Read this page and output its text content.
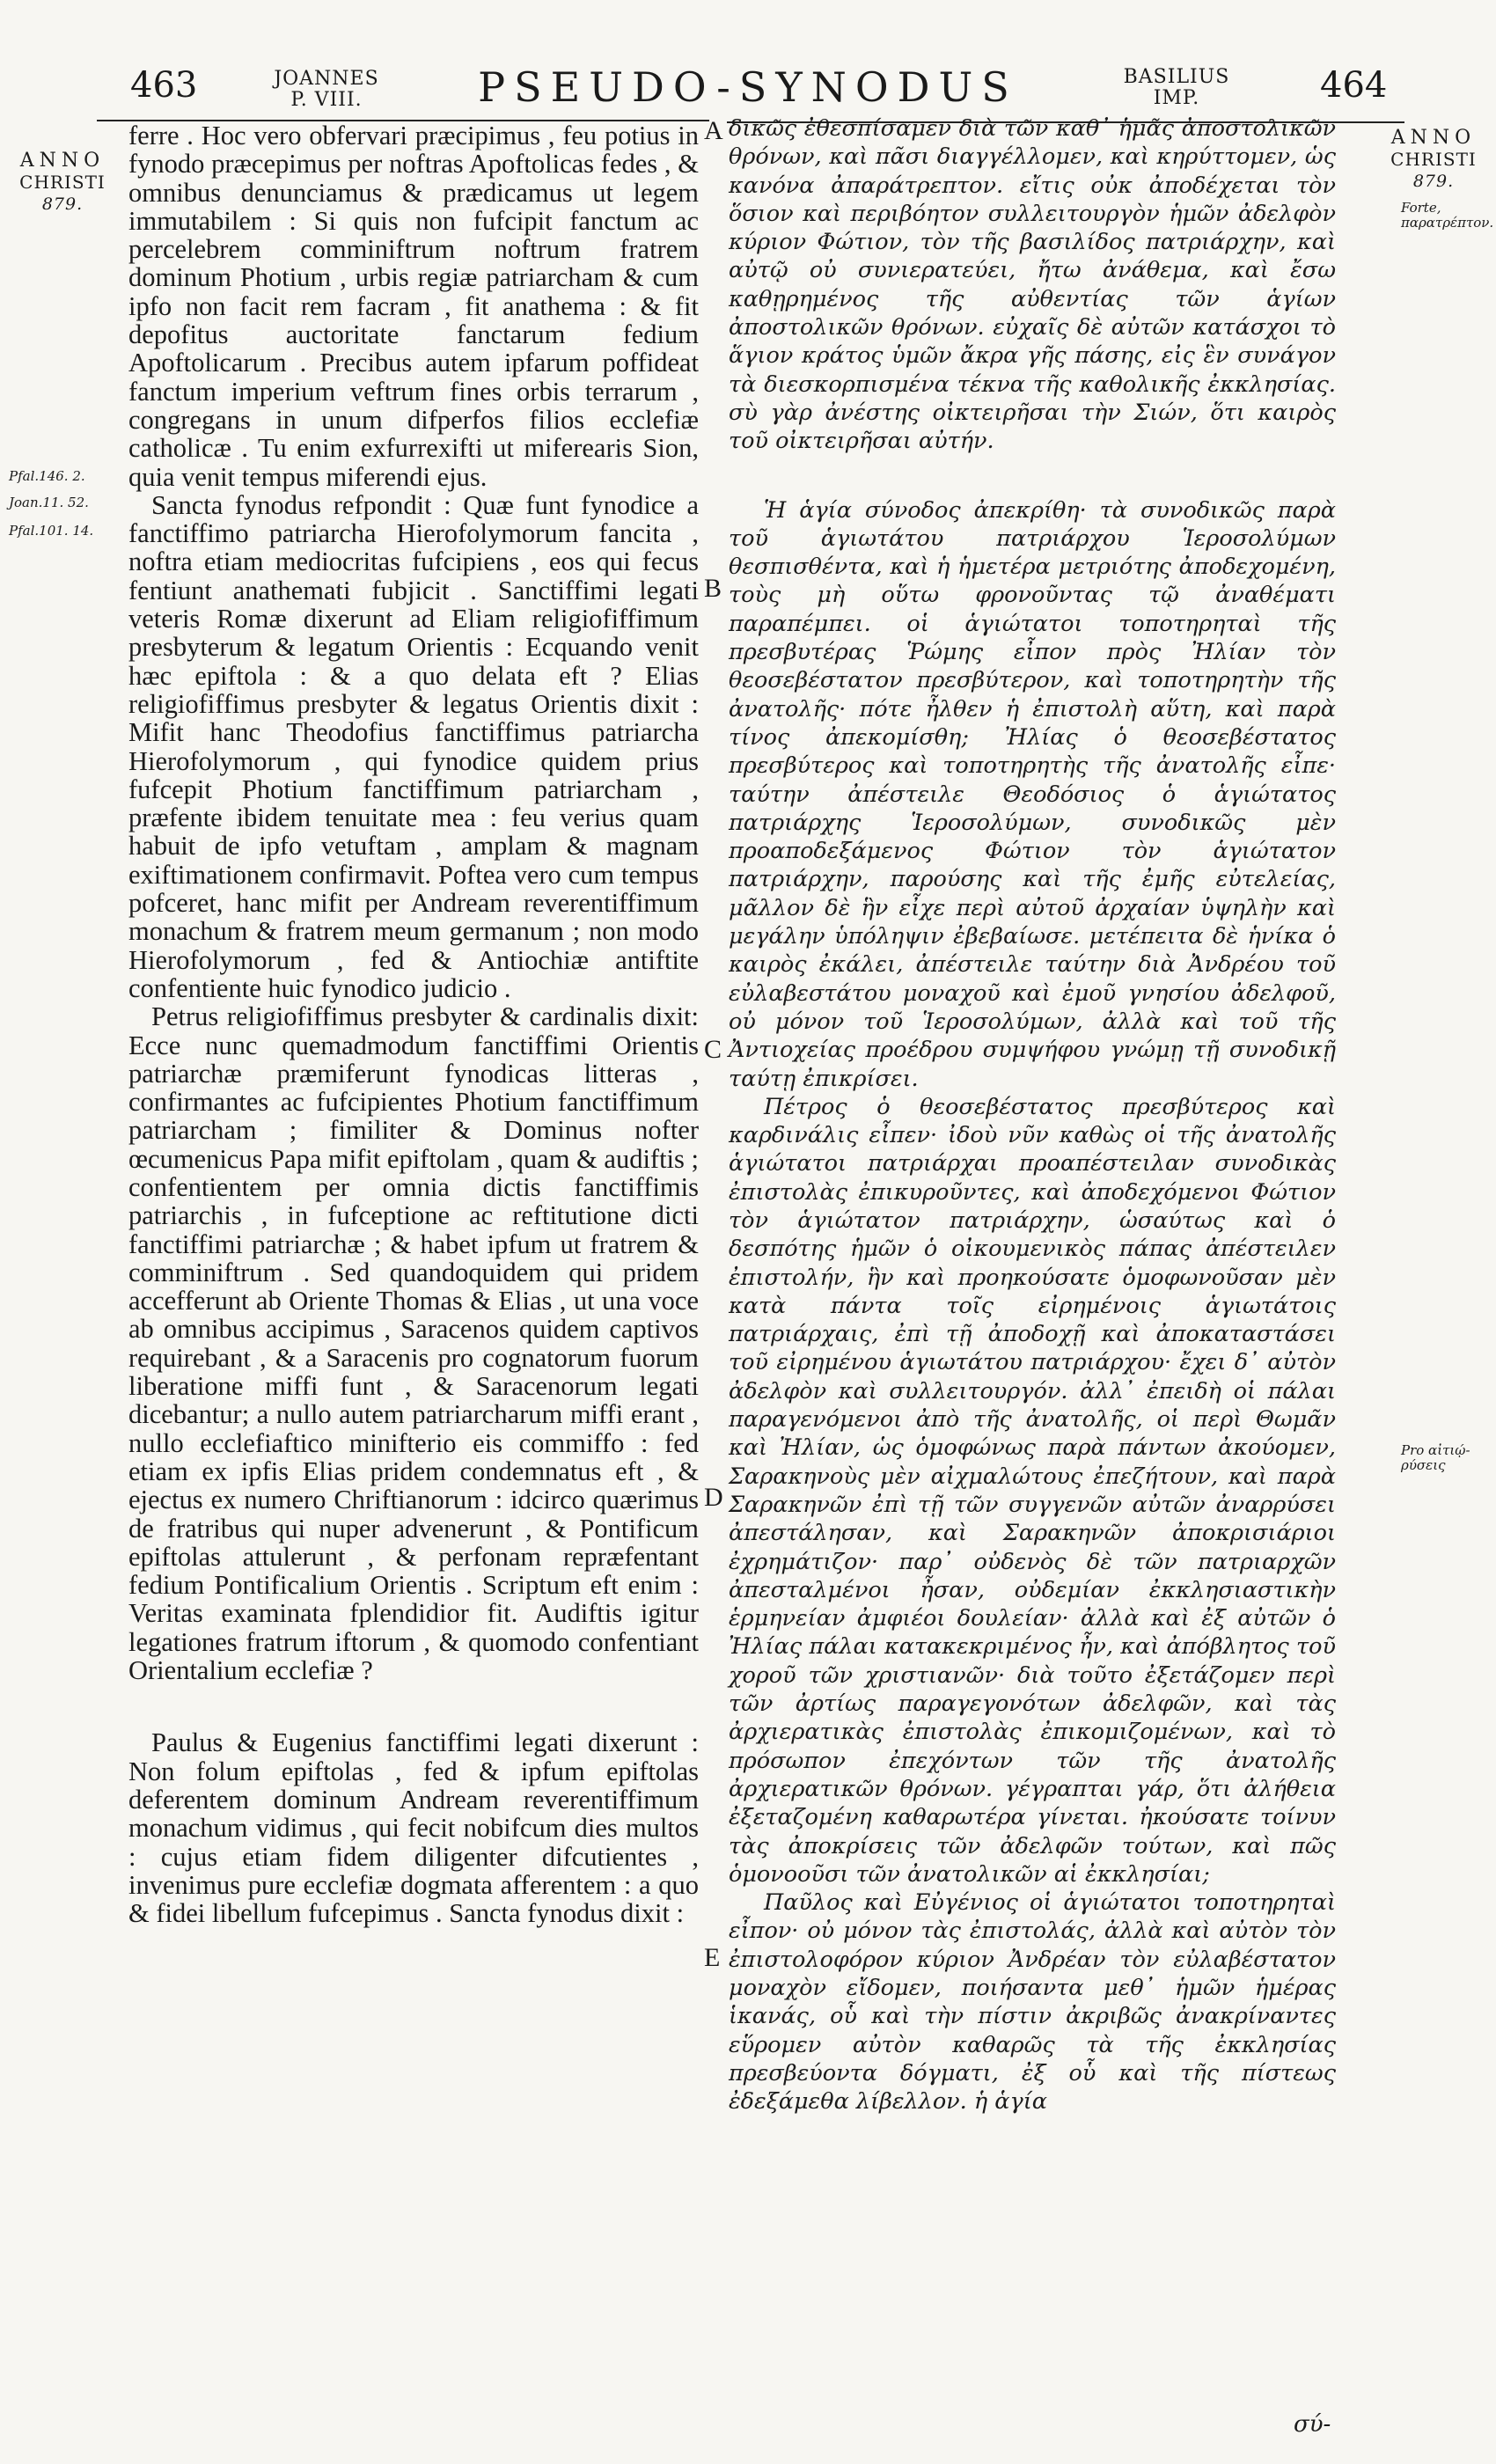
463	JOANNES
P. VIII.	PSEUDO-SYNODUS	BASILIUS
IMP.	464
ANNO
CHRISTI
879.
Pfal.146. 2.
Joan.11. 52.
Pfal.101. 14.
ANNO
CHRISTI
879.
Forte, παρατρέπτον.
Pro αἰτιῴ- ρύσεις
A
B
C
D
E

ferre . Hoc vero obfervari præcipimus , feu potius in fynodo præcepimus per noftras Apoftolicas fedes , & omnibus denunciamus & prædicamus ut legem immutabilem : Si quis non fufcipit fanctum ac percelebrem comminiftrum noftrum fratrem dominum Photium , urbis regiæ patriarcham & cum ipfo non facit rem facram , fit anathema : & fit depofitus auctoritate fanctarum fedium Apoftolicarum . Precibus autem ipfarum poffideat fanctum imperium veftrum fines orbis terrarum , congregans in unum difperfos filios ecclefiæ catholicæ . Tu enim exfurrexifti ut miferearis Sion, quia venit tempus miferendi ejus.

Sancta fynodus refpondit : Quæ funt fynodice a fanctiffimo patriarcha Hierofolymorum fancita , noftra etiam mediocritas fufcipiens , eos qui fecus fentiunt anathemati fubjicit . Sanctiffimi legati veteris Romæ dixerunt ad Eliam religiofiffimum presbyterum & legatum Orientis : Ecquando venit hæc epiftola : & a quo delata eft ? Elias religiofiffimus presbyter & legatus Orientis dixit : Mifit hanc Theodofius fanctiffimus patriarcha Hierofolymorum , qui fynodice quidem prius fufcepit Photium fanctiffimum patriarcham , præfente ibidem tenuitate mea : feu verius quam habuit de ipfo vetuftam , amplam & magnam exiftimationem confirmavit. Poftea vero cum tempus pofceret, hanc mifit per Andream reverentiffimum monachum & fratrem meum germanum ; non modo Hierofolymorum , fed & Antiochiæ antiftite confentiente huic fynodico judicio .

Petrus religiofiffimus presbyter & cardinalis dixit: Ecce nunc quemadmodum fanctiffimi Orientis patriarchæ præmiferunt fynodicas litteras , confirmantes ac fufcipientes Photium fanctiffimum patriarcham ; fimiliter & Dominus nofter œcumenicus Papa mifit epiftolam , quam & audiftis ; confentientem per omnia dictis fanctiffimis patriarchis , in fufceptione ac reftitutione dicti fanctiffimi patriarchæ ; & habet ipfum ut fratrem & comminiftrum . Sed quandoquidem qui pridem accefferunt ab Oriente Thomas & Elias , ut una voce ab omnibus accipimus , Saracenos quidem captivos requirebant , & a Saracenis pro cognatorum fuorum liberatione miffi funt , & Saracenorum legati dicebantur; a nullo autem patriarcharum miffi erant , nullo ecclefiaftico minifterio eis commiffo : fed etiam ex ipfis Elias pridem condemnatus eft , & ejectus ex numero Chriftianorum : idcirco quærimus de fratribus qui nuper advenerunt , & Pontificum epiftolas attulerunt , & perfonam repræfentant fedium Pontificalium Orientis . Scriptum eft enim : Veritas examinata fplendidior fit. Audiftis igitur legationes fratrum iftorum , & quomodo confentiant Orientalium ecclefiæ ?

Paulus & Eugenius fanctiffimi legati dixerunt : Non folum epiftolas , fed & ipfum epiftolas deferentem dominum Andream reverentiffimum monachum vidimus , qui fecit nobifcum dies multos : cujus etiam fidem diligenter difcutientes , invenimus pure ecclefiæ dogmata afferentem : a quo & fidei libellum fufcepimus . Sancta fynodus dixit :

δικῶς ἐθεσπίσαμεν διὰ τῶν καθ᾿ ἡμᾶς ἀποστολικῶν θρόνων, καὶ πᾶσι διαγγέλλομεν, καὶ κηρύττομεν, ὡς κανόνα ἀπαράτρεπτον. εἴτις οὐκ ἀποδέχεται τὸν ὅσιον καὶ περιβόητον συλλειτουργὸν ἡμῶν ἀδελφὸν κύριον Φώτιον, τὸν τῆς βασιλίδος πατριάρχην, καὶ αὐτῷ οὐ συνιερατεύει, ἤτω ἀνάθεμα, καὶ ἔσω καθῃρημένος τῆς αὐθεντίας τῶν ἁγίων ἀποστολικῶν θρόνων. εὐχαῖς δὲ αὐτῶν κατάσχοι τὸ ἅγιον κράτος ὑμῶν ἄκρα γῆς πάσης, εἰς ἓν συνάγον τὰ διεσκορπισμένα τέκνα τῆς καθολικῆς ἐκκλησίας. σὺ γὰρ ἀνέστης οἰκτειρῆσαι τὴν Σιών, ὅτι καιρὸς τοῦ οἰκτειρῆσαι αὐτήν.

Ἡ ἁγία σύνοδος ἀπεκρίθη· τὰ συνοδικῶς παρὰ τοῦ ἁγιωτάτου πατριάρχου Ἱεροσολύμων θεσπισθέντα, καὶ ἡ ἡμετέρα μετριότης ἀποδεχομένη, τοὺς μὴ οὕτω φρονοῦντας τῷ ἀναθέματι παραπέμπει. οἱ ἁγιώτατοι τοποτηρηταὶ τῆς πρεσβυτέρας Ῥώμης εἶπον πρὸς Ἠλίαν τὸν θεοσεβέστατον πρεσβύτερον, καὶ τοποτηρητὴν τῆς ἀνατολῆς· πότε ἦλθεν ἡ ἐπιστολὴ αὕτη, καὶ παρὰ τίνος ἀπεκομίσθη; Ἠλίας ὁ θεοσεβέστατος πρεσβύτερος καὶ τοποτηρητὴς τῆς ἀνατολῆς εἶπε· ταύτην ἀπέστειλε Θεοδόσιος ὁ ἁγιώτατος πατριάρχης Ἱεροσολύμων, συνοδικῶς μὲν προαποδεξάμενος Φώτιον τὸν ἁγιώτατον πατριάρχην, παρούσης καὶ τῆς ἐμῆς εὐτελείας, μᾶλλον δὲ ἣν εἶχε περὶ αὐτοῦ ἀρχαίαν ὑψηλὴν καὶ μεγάλην ὑπόληψιν ἐβεβαίωσε. μετέπειτα δὲ ἡνίκα ὁ καιρὸς ἐκάλει, ἀπέστειλε ταύτην διὰ Ἀνδρέου τοῦ εὐλαβεστάτου μοναχοῦ καὶ ἐμοῦ γνησίου ἀδελφοῦ, οὐ μόνον τοῦ Ἱεροσολύμων, ἀλλὰ καὶ τοῦ τῆς Ἀντιοχείας προέδρου συμψήφου γνώμῃ τῇ συνοδικῇ ταύτῃ ἐπικρίσει.

Πέτρος ὁ θεοσεβέστατος πρεσβύτερος καὶ καρδινάλις εἶπεν· ἰδοὺ νῦν καθὼς οἱ τῆς ἀνατολῆς ἁγιώτατοι πατριάρχαι προαπέστειλαν συνοδικὰς ἐπιστολὰς ἐπικυροῦντες, καὶ ἀποδεχόμενοι Φώτιον τὸν ἁγιώτατον πατριάρχην, ὡσαύτως καὶ ὁ δεσπότης ἡμῶν ὁ οἰκουμενικὸς πάπας ἀπέστειλεν ἐπιστολήν, ἣν καὶ προηκούσατε ὁμοφωνοῦσαν μὲν κατὰ πάντα τοῖς εἰρημένοις ἁγιωτάτοις πατριάρχαις, ἐπὶ τῇ ἀποδοχῇ καὶ ἀποκαταστάσει τοῦ εἰρημένου ἁγιωτάτου πατριάρχου· ἔχει δ᾿ αὐτὸν ἀδελφὸν καὶ συλλειτουργόν. ἀλλ᾿ ἐπειδὴ οἱ πάλαι παραγενόμενοι ἀπὸ τῆς ἀνατολῆς, οἱ περὶ Θωμᾶν καὶ Ἠλίαν, ὡς ὁμοφώνως παρὰ πάντων ἀκούομεν, Σαρακηνοὺς μὲν αἰχμαλώτους ἐπεζήτουν, καὶ παρὰ Σαρακηνῶν ἐπὶ τῇ τῶν συγγενῶν αὐτῶν ἀναρρύσει ἀπεστάλησαν, καὶ Σαρακηνῶν ἀποκρισιάριοι ἐχρημάτιζον· παρ᾿ οὐδενὸς δὲ τῶν πατριαρχῶν ἀπεσταλμένοι ἦσαν, οὐδεμίαν ἐκκλησιαστικὴν ἑρμηνείαν ἀμφιέοι δουλείαν· ἀλλὰ καὶ ἐξ αὐτῶν ὁ Ἠλίας πάλαι κατακεκριμένος ἦν, καὶ ἀπόβλητος τοῦ χοροῦ τῶν χριστιανῶν· διὰ τοῦτο ἐξετάζομεν περὶ τῶν ἀρτίως παραγεγονότων ἀδελφῶν, καὶ τὰς ἀρχιερατικὰς ἐπιστολὰς ἐπικομιζομένων, καὶ τὸ πρόσωπον ἐπεχόντων τῶν τῆς ἀνατολῆς ἀρχιερατικῶν θρόνων. γέγραπται γάρ, ὅτι ἀλήθεια ἐξεταζομένη καθαρωτέρα γίνεται. ἠκούσατε τοίνυν τὰς ἀποκρίσεις τῶν ἀδελφῶν τούτων, καὶ πῶς ὁμονοοῦσι τῶν ἀνατολικῶν αἱ ἐκκλησίαι;

Παῦλος καὶ Εὐγένιος οἱ ἁγιώτατοι τοποτηρηταὶ εἶπον· οὐ μόνον τὰς ἐπιστολάς, ἀλλὰ καὶ αὐτὸν τὸν ἐπιστολοφόρον κύριον Ἀνδρέαν τὸν εὐλαβέστατον μοναχὸν εἴδομεν, ποιήσαντα μεθ᾿ ἡμῶν ἡμέρας ἱκανάς, οὗ καὶ τὴν πίστιν ἀκριβῶς ἀνακρίναντες εὕρομεν αὐτὸν καθαρῶς τὰ τῆς ἐκκλησίας πρεσβεύοντα δόγματι, ἐξ οὗ καὶ τῆς πίστεως ἐδεξάμεθα λίβελλον. ἡ ἁγία

σύ-
